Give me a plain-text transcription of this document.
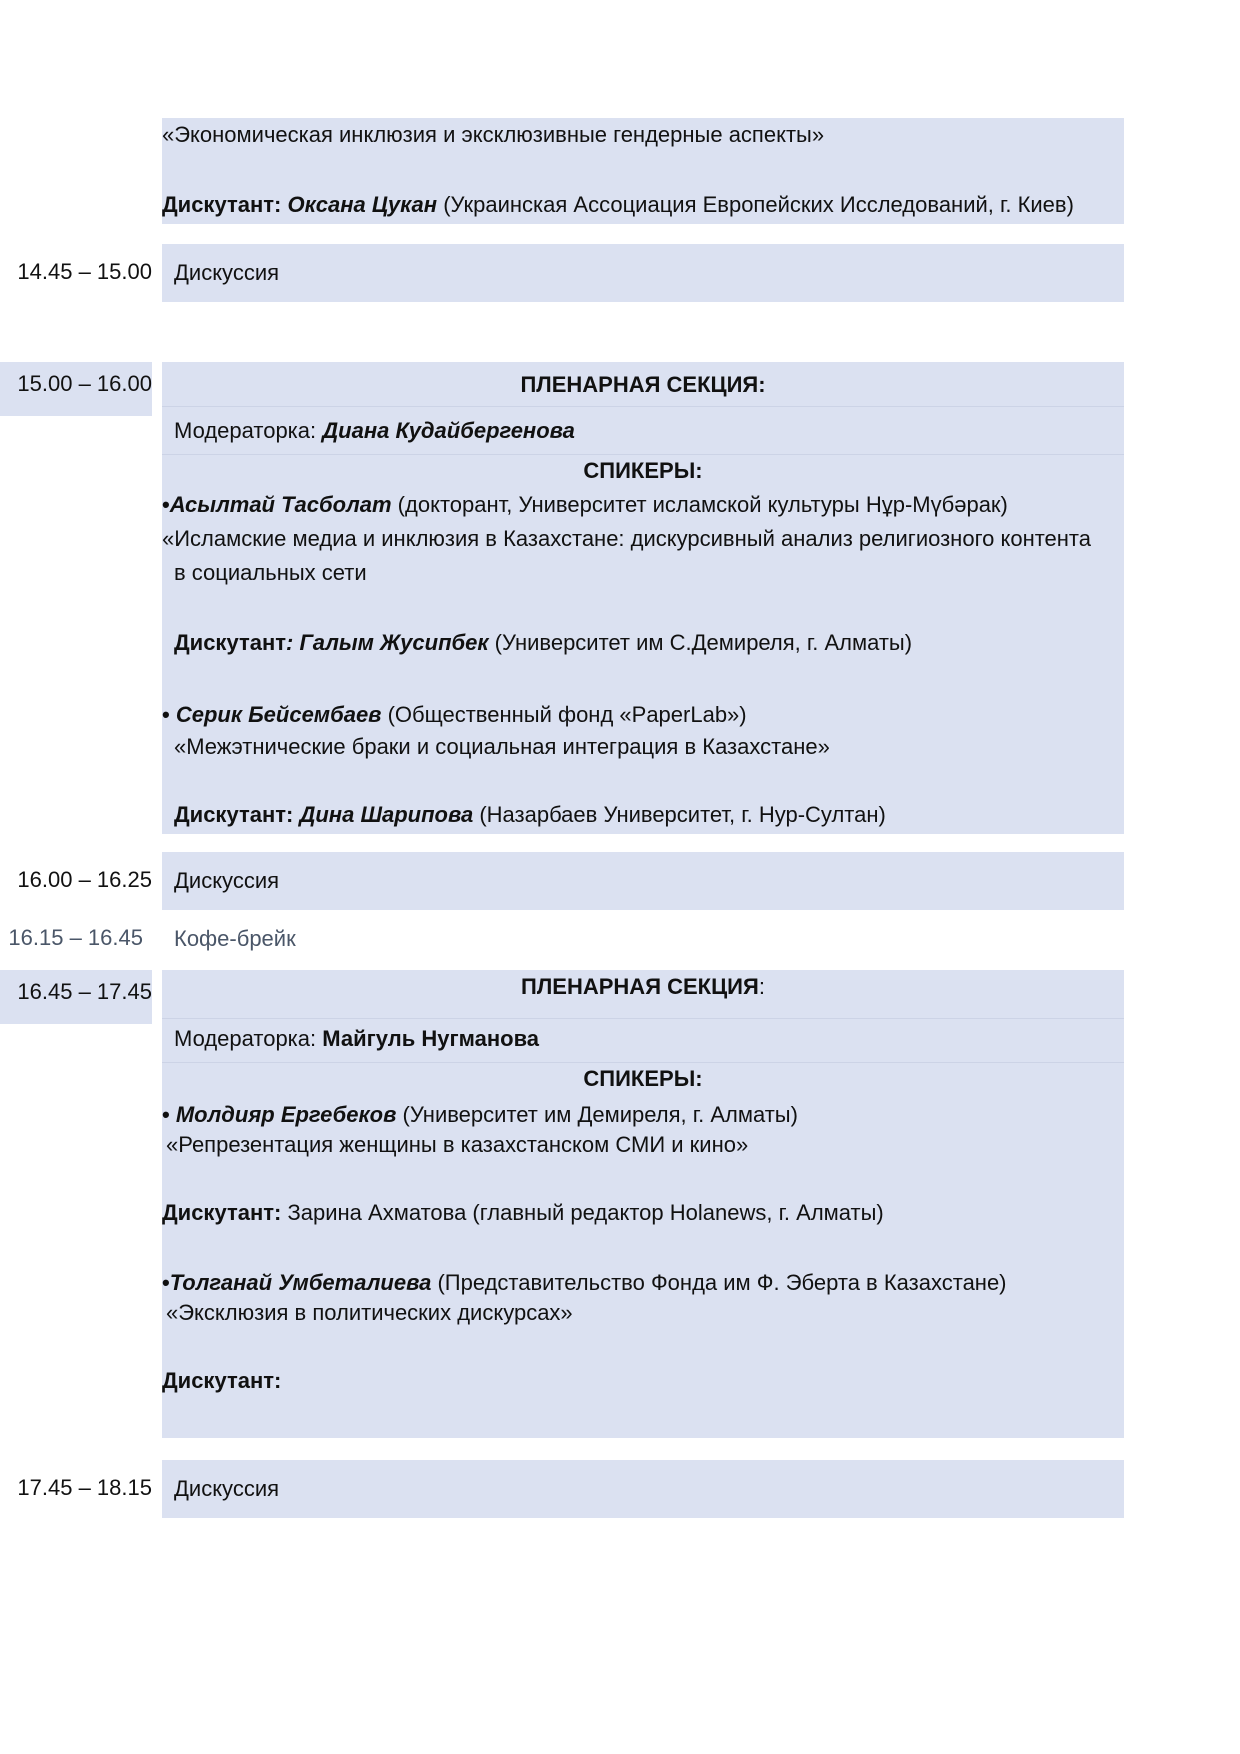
«Экономическая инклюзия и эксклюзивные гендерные аспекты»
Дискутант: Оксана Цукан (Украинская Ассоциация Европейских Исследований, г. Киев)
14.45 – 15.00 Дискуссия
15.00 – 16.00	ПЛЕНАРНАЯ СЕКЦИЯ:
Модераторка: Диана Кудайбергенова
СПИКЕРЫ:
•Асылтай Тасболат (докторант, Университет исламской культуры Нұр-Мүбәрак)
«Исламские медиа и инклюзия в Казахстане: дискурсивный анализ религиозного контента
в социальных сети
Дискутант: Галым Жусипбек (Университет им С.Демиреля, г. Алматы)
• Серик Бейсембаев (Общественный фонд «PaperLab»)
«Межэтнические браки и социальная интеграция в Казахстане»
Дискутант: Дина Шарипова (Назарбаев Университет, г. Нур-Султан)
16.00 – 16.25 Дискуссия
16.15 – 16.45 Кофе-брейк
16.45 – 17.45	ПЛЕНАРНАЯ СЕКЦИЯ:
Модераторка: Майгуль Нугманова
СПИКЕРЫ:
• Молдияр Ергебеков (Университет им Демиреля, г. Алматы)
«Репрезентация женщины в казахстанском СМИ и кино»
Дискутант: Зарина Ахматова (главный редактор Holanews, г. Алматы)
•Толганай Умбеталиева (Представительство Фонда им Ф. Эберта в Казахстане)
«Эксклюзия в политических дискурсах»
Дискутант:
17.45 – 18.15 Дискуссия
